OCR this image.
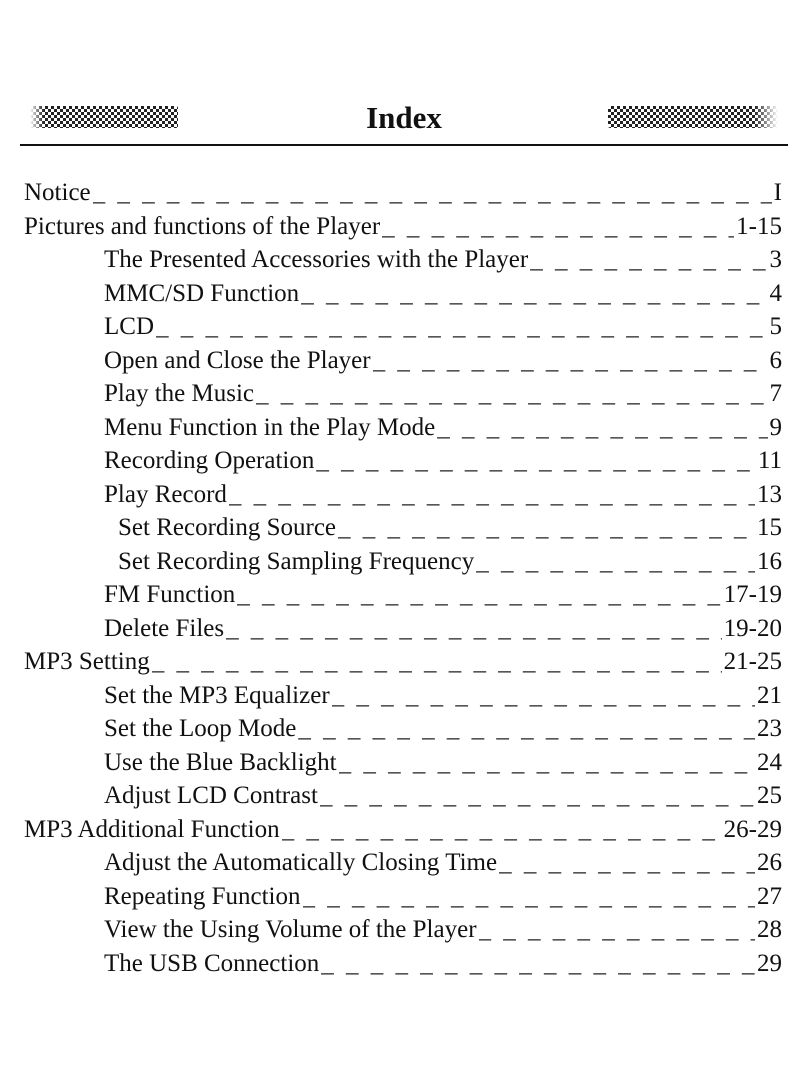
Index
Notice _ _ _	I
Pictures and functions of the Player _ _ _	1-15
The Presented Accessories with the Player _ _ _	3
MMC/SD Function _ _ _	4
LCD _ _ _	5
Open and Close the Player _ _ _	6
Play the Music _ _ _	7
Menu Function in the Play Mode _ _ _	9
Recording Operation _ _ _	11
Play Record _ _ _	13
Set Recording Source _ _ _	15
Set Recording Sampling Frequency _ _ _	16
FM Function _ _ _	17-19
Delete Files _ _ _	19-20
MP3 Setting _ _ _	21-25
Set the MP3 Equalizer _ _ _	21
Set the Loop Mode _ _ _	23
Use the Blue Backlight _ _ _	24
Adjust LCD Contrast _ _ _	25
MP3 Additional Function _ _ _	26-29
Adjust the Automatically Closing Time _ _ _	26
Repeating Function _ _ _	27
View the Using Volume of the Player _ _ _	28
The USB Connection _ _ _	29
